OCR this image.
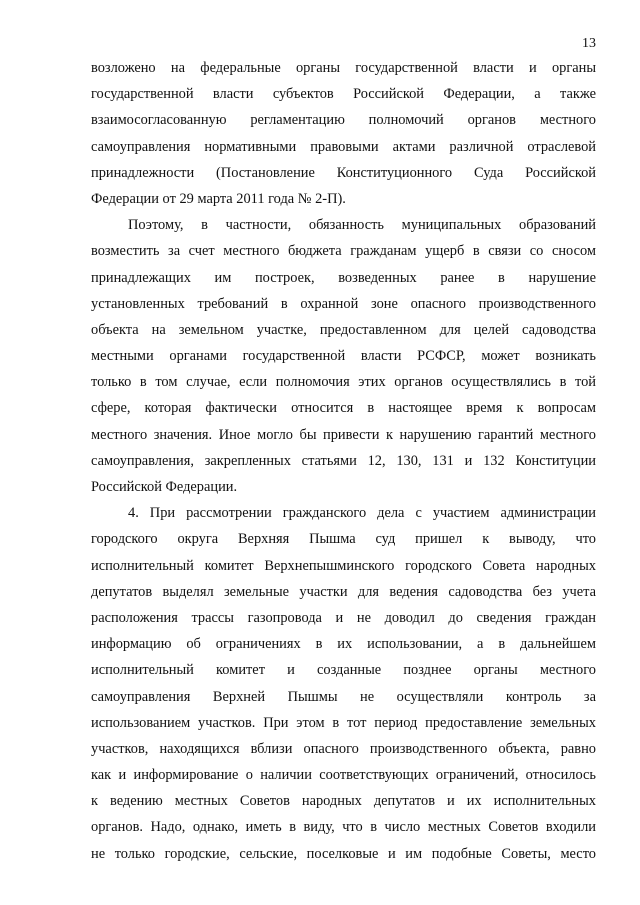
13
возложено на федеральные органы государственной власти и органы
государственной власти субъектов Российской Федерации, а также
взаимосогласованную регламентацию полномочий органов местного
самоуправления нормативными правовыми актами различной отраслевой
принадлежности (Постановление Конституционного Суда Российской
Федерации от 29 марта 2011 года № 2-П).
Поэтому, в частности, обязанность муниципальных образований
возместить за счет местного бюджета гражданам ущерб в связи со сносом
принадлежащих им построек, возведенных ранее в нарушение
установленных требований в охранной зоне опасного производственного
объекта на земельном участке, предоставленном для целей садоводства
местными органами государственной власти РСФСР, может возникать
только в том случае, если полномочия этих органов осуществлялись в той
сфере, которая фактически относится в настоящее время к вопросам
местного значения. Иное могло бы привести к нарушению гарантий местного
самоуправления, закрепленных статьями 12, 130, 131 и 132 Конституции
Российской Федерации.
4. При рассмотрении гражданского дела с участием администрации
городского округа Верхняя Пышма суд пришел к выводу, что
исполнительный комитет Верхнепышминского городского Совета народных
депутатов выделял земельные участки для ведения садоводства без учета
расположения трассы газопровода и не доводил до сведения граждан
информацию об ограничениях в их использовании, а в дальнейшем
исполнительный комитет и созданные позднее органы местного
самоуправления Верхней Пышмы не осуществляли контроль за
использованием участков. При этом в тот период предоставление земельных
участков, находящихся вблизи опасного производственного объекта, равно
как и информирование о наличии соответствующих ограничений, относилось
к ведению местных Советов народных депутатов и их исполнительных
органов. Надо, однако, иметь в виду, что в число местных Советов входили
не только городские, сельские, поселковые и им подобные Советы, место
